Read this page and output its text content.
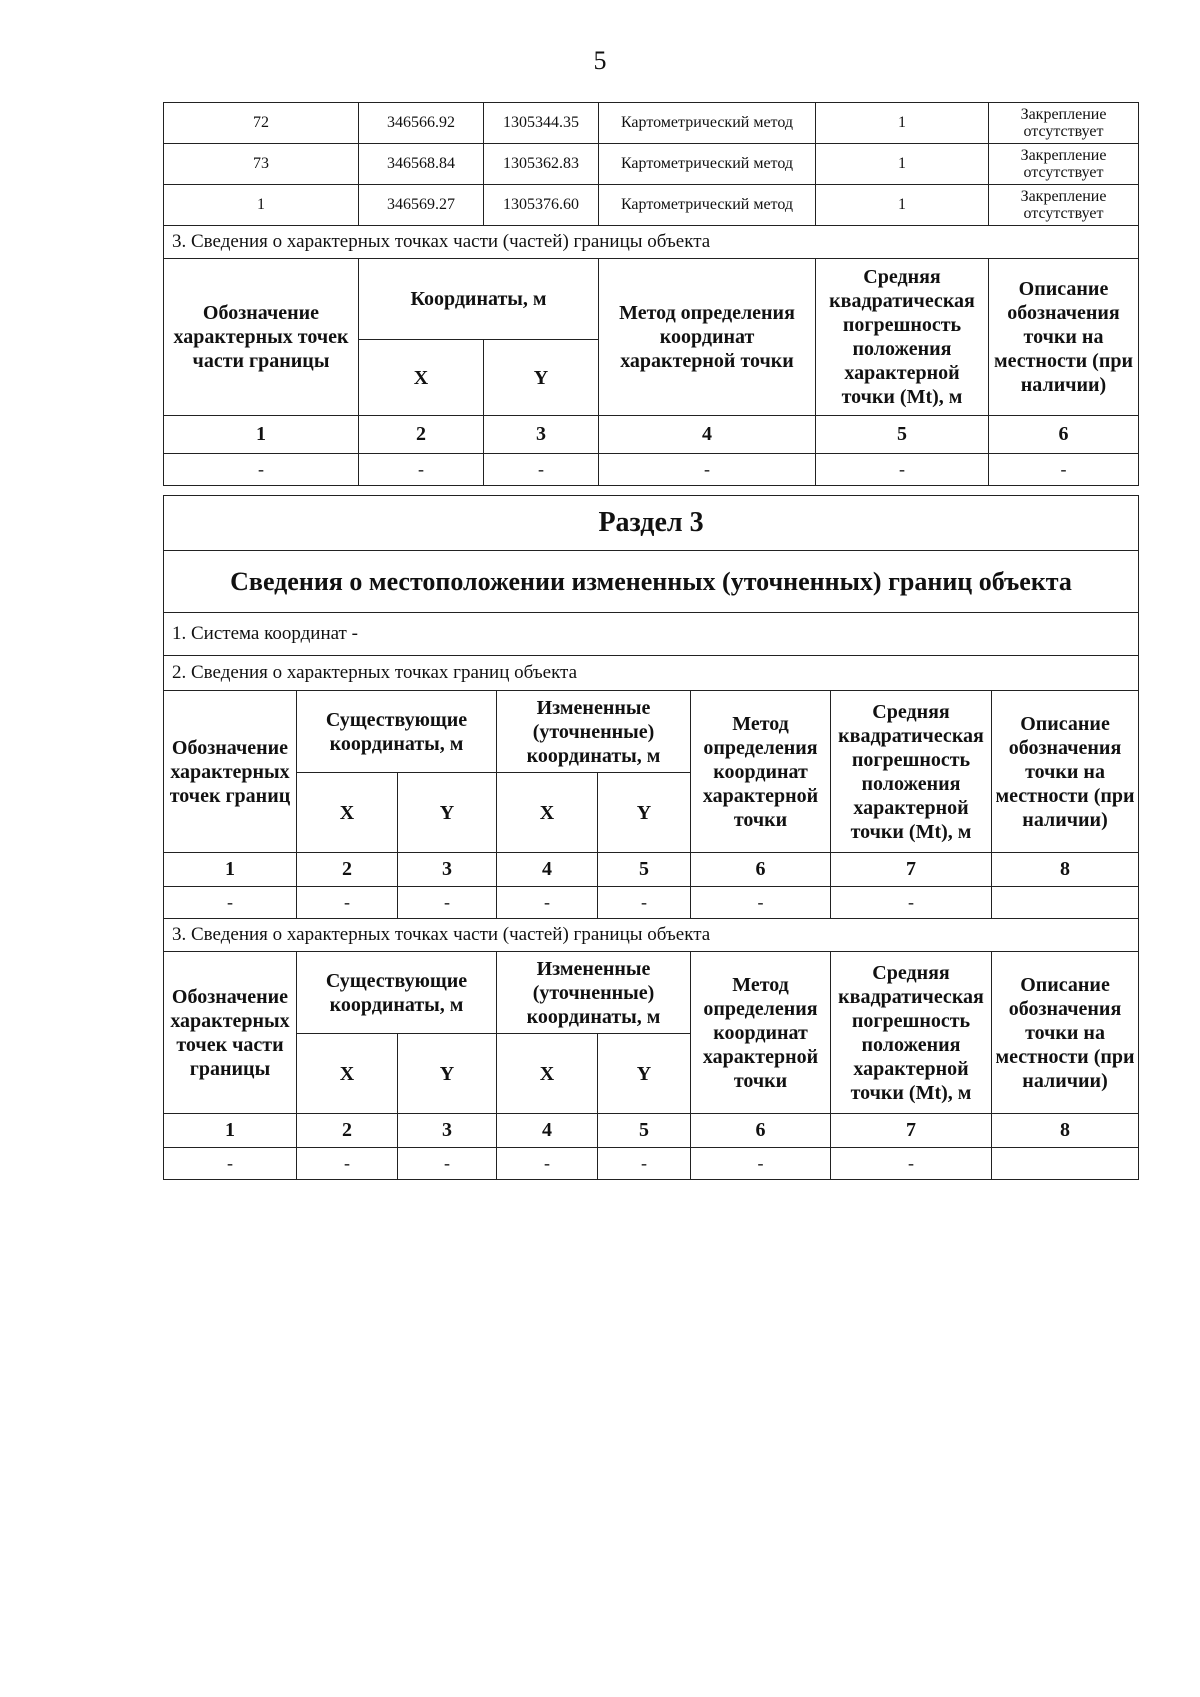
5
72	346566.92	1305344.35	Картометрический метод	1	Закрепление отсутствует
73	346568.84	1305362.83	Картометрический метод	1	Закрепление отсутствует
1	346569.27	1305376.60	Картометрический метод	1	Закрепление отсутствует
3. Сведения о характерных точках части (частей) границы объекта					
Обозначение характерных точек части границы	Координаты, м		Метод определения координат характерной точки	Средняя квадратическая погрешность положения характерной точки (Mt), м	Описание обозначения точки на местности (при наличии)
	X	Y			
1	2	3	4	5	6
-	-	-	-	-	-
Раздел 3							
Сведения о местоположении измененных (уточненных) границ объекта							
1. Система координат -							
2. Сведения о характерных точках границ объекта							
Обозначение характерных точек границ	Существующие координаты, м		Измененные (уточненные) координаты, м		Метод определения координат характерной точки	Средняя квадратическая погрешность положения характерной точки (Mt), м	Описание обозначения точки на местности (при наличии)
	X	Y	X	Y			
1	2	3	4	5	6	7	8
-	-	-	-	-	-	-	
3. Сведения о характерных точках части (частей) границы объекта							
Обозначение характерных точек части границы	Существующие координаты, м		Измененные (уточненные) координаты, м		Метод определения координат характерной точки	Средняя квадратическая погрешность положения характерной точки (Mt), м	Описание обозначения точки на местности (при наличии)
	X	Y	X	Y			
1	2	3	4	5	6	7	8
-	-	-	-	-	-	-	
